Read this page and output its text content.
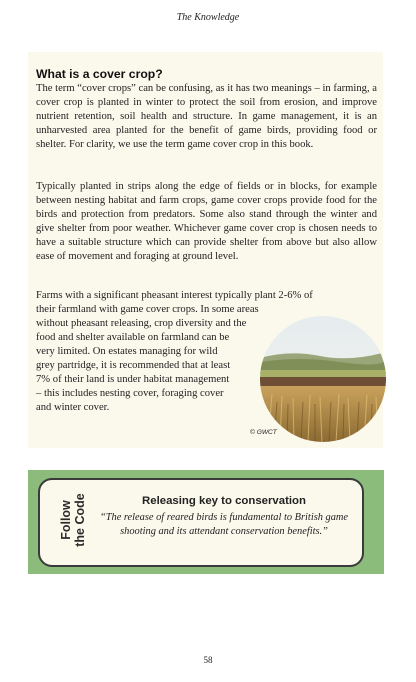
The Knowledge
What is a cover crop?

The term “cover crops” can be confusing, as it has two meanings – in farming, a cover crop is planted in winter to protect the soil from erosion, and improve nutrient retention, soil health and structure. In game management, it is an unharvested area planted for the benefit of game birds, providing food or shelter. For clarity, we use the term game cover crop in this book.

Typically planted in strips along the edge of fields or in blocks, for example between nesting habitat and farm crops, game cover crops provide food for the birds and protection from predators. Some also stand through the winter and give shelter from poor weather. Whichever game cover crop is chosen needs to have a suitable structure which can provide shelter from above but also allow ease of movement and foraging at ground level.

Farms with a significant pheasant interest typically plant 2-6% of
their farmland with game cover crops. In some areas
without pheasant releasing, crop diversity and the
food and shelter available on farmland can be
very limited. On estates managing for wild
grey partridge, it is recommended that at least
7% of their land is under habitat management
– this includes nesting cover, foraging cover
and winter cover.
© GWCT
Follow the Code	Releasing key to conservation

“The release of reared birds is fundamental to British game shooting and its attendant conservation benefits.”

58
